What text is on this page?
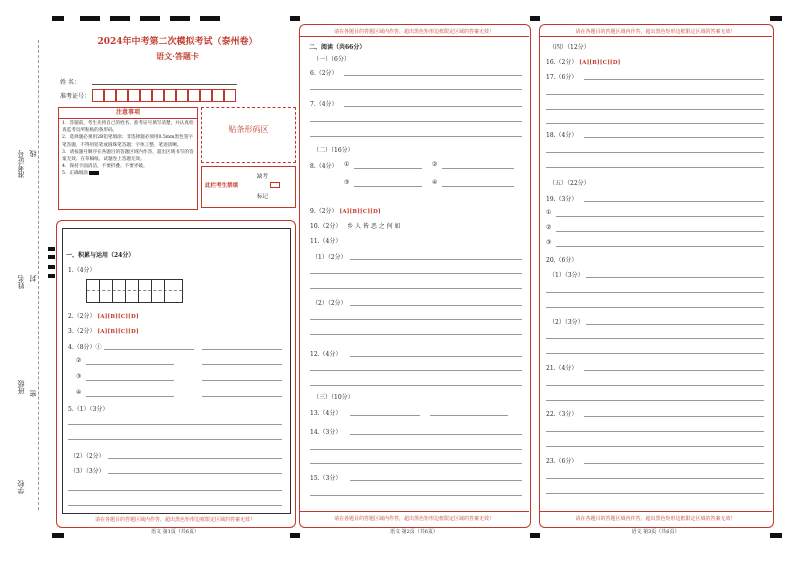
准考证号 线
姓名 封
班级 密
学校
2024年中考第二次模拟考试（泰州卷）
语文·答题卡
姓 名：
准考证号：
注意事项
1．答题前，考生先将自己的姓名、准考证号填写清楚，并认真检查监考员所粘贴的条形码。
2．选择题必须用2B铅笔填涂；非选择题必须用0.5mm黑色签字笔答题，不得用铅笔或圆珠笔答题；字体工整、笔迹清晰。
3．请按题号顺序在各题目的答题区域内作答，超出区域书写的答案无效；在草稿纸、试题卷上答题无效。
4．保持卡面清洁，不要折叠、不要弄破。
5．正确填涂
贴条形码区
此栏考生禁填
缺考
标记
一、积累与运用（24分）
1.（4分）
2.（2分） [A][B][C][D]
3.（2分） [A][B][C][D]
4.（8分）①
②
③
④
5.（1）（3分）
（2）（2分）
（3）（3分）
请在各题目的答题区域内作答，超出黑色矩形边框限定区域的答案无效！
语文 第1页（共6页）
请在各题目的答题区域内作答，超出黑色矩形边框限定区域的答案无效！
二、阅读（共66分）
（一）（6分）
6.（2分）
7.（4分）
（二）（16分）
8.（4分） ①	②
③	④
9.（2分） [A][B][C][D]
10.（2分） 乡 人 皆 恶 之 何 如
11.（4分）
（1）（2分）
（2）（2分）
12.（4分）
（三）（10分）
13.（4分）
14.（3分）
15.（3分）
请在各题目的答题区域内作答，超出黑色矩形边框限定区域的答案无效！
语文 第2页（共6页）
请在各题目的答题区域内作答，超出黑色矩形边框限定区域的答案无效！
（四）（12分）
16.（2分） [A][B][C][D]
17.（6分）
18.（4分）
（五）（22分）
19.（3分）
①
②
③
20.（6分）
（1）（3分）
（2）（3分）
21.（4分）
22.（3分）
23.（6分）
请在各题目的答题区域内作答，超出黑色矩形边框限定区域的答案无效！
语文 第3页（共6页）
